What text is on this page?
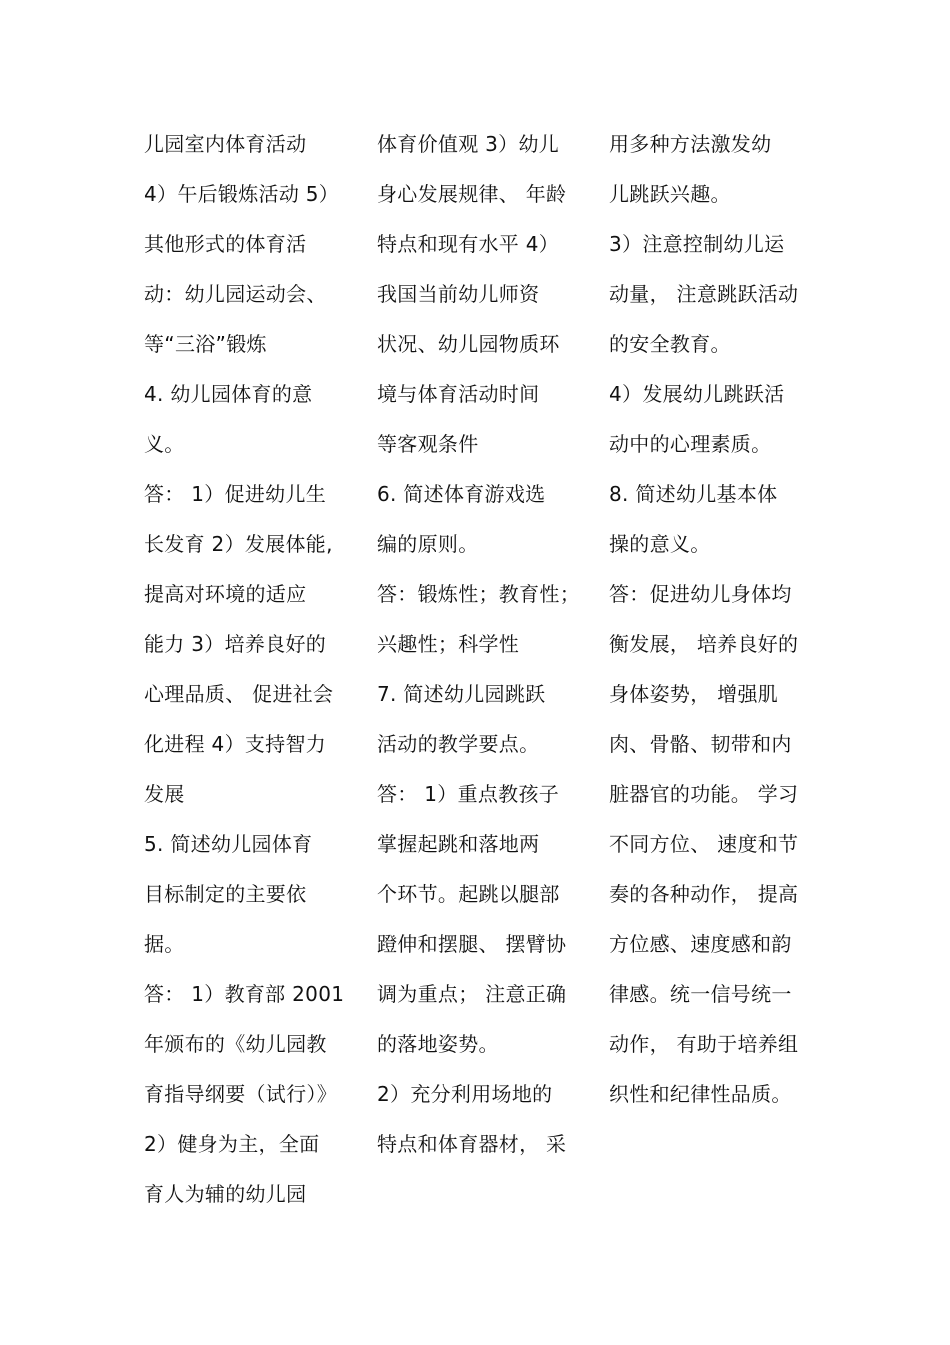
儿园室内体育活动
4）午后锻炼活动 5）
其他形式的体育活
动：幼儿园运动会、
等“三浴”锻炼
4. 幼儿园体育的意
义。
答： 1）促进幼儿生
长发育 2）发展体能,
提高对环境的适应
能力 3）培养良好的
心理品质、 促进社会
化进程 4）支持智力
发展
5. 简述幼儿园体育
目标制定的主要依
据。
答： 1）教育部 2001
年颁布的《幼儿园教
育指导纲要（试行）》
2）健身为主，全面
育人为辅的幼儿园
体育价值观 3）幼儿
身心发展规律、 年龄
特点和现有水平 4）
我国当前幼儿师资
状况、幼儿园物质环
境与体育活动时间
等客观条件
6. 简述体育游戏选
编的原则。
答：锻炼性；教育性；
兴趣性；科学性
7. 简述幼儿园跳跃
活动的教学要点。
答： 1）重点教孩子
掌握起跳和落地两
个环节。起跳以腿部
蹬伸和摆腿、 摆臂协
调为重点； 注意正确
的落地姿势。
2）充分利用场地的
特点和体育器材， 采
用多种方法激发幼
儿跳跃兴趣。
3）注意控制幼儿运
动量， 注意跳跃活动
的安全教育。
4）发展幼儿跳跃活
动中的心理素质。
8. 简述幼儿基本体
操的意义。
答：促进幼儿身体均
衡发展， 培养良好的
身体姿势， 增强肌
肉、骨骼、韧带和内
脏器官的功能。 学习
不同方位、 速度和节
奏的各种动作， 提高
方位感、速度感和韵
律感。统一信号统一
动作， 有助于培养组
织性和纪律性品质。
